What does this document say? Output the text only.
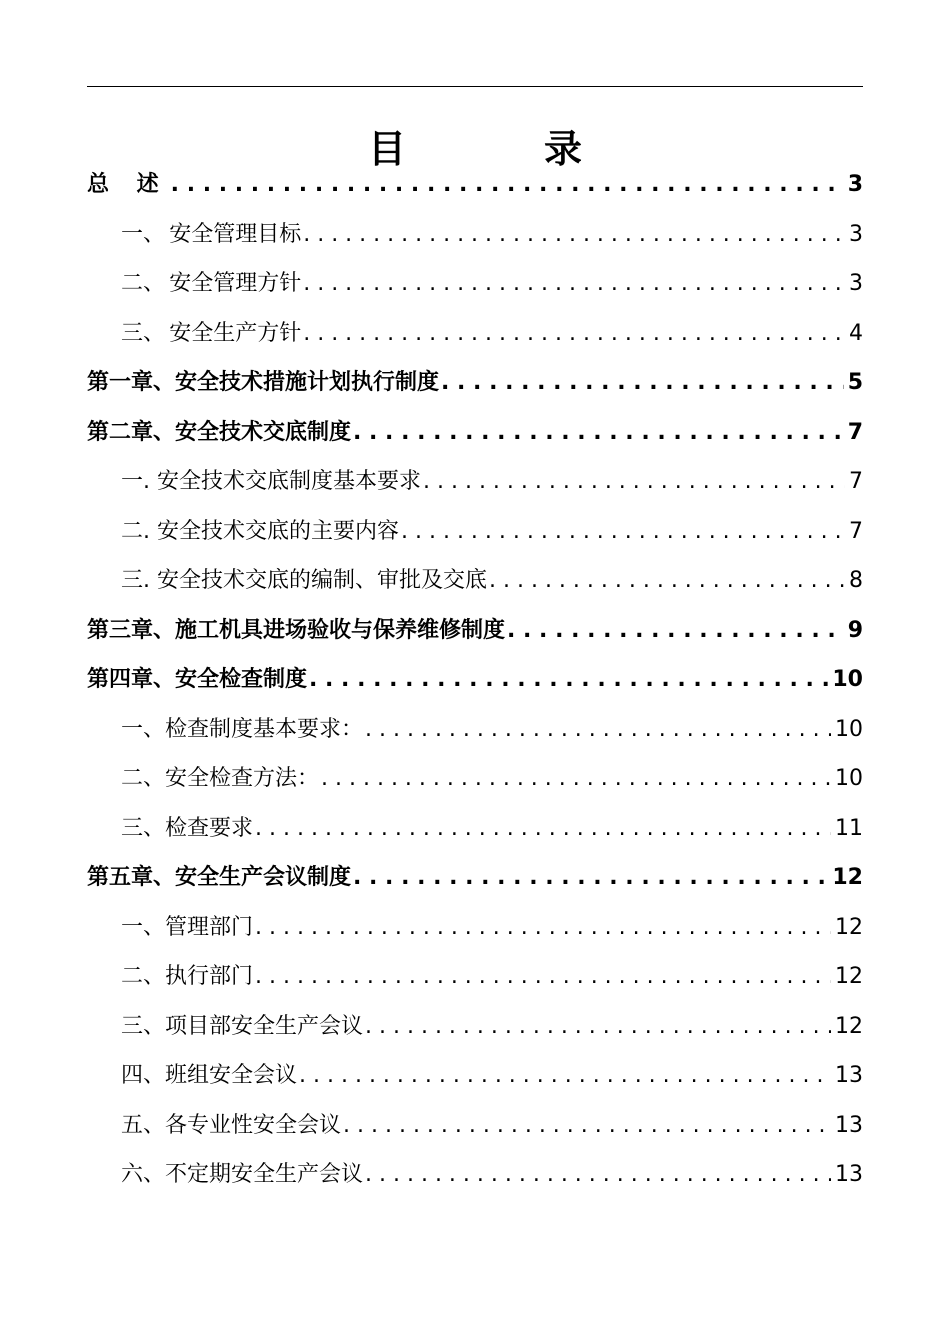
目　录
总 述 . . .	3
一、 安全管理目标 . . .	3
二、 安全管理方针 . . .	3
三、 安全生产方针 . . .	4
第一章、安全技术措施计划执行制度 . . .	5
第二章、安全技术交底制度 . . .	7
一. 安全技术交底制度基本要求 . . .	7
二. 安全技术交底的主要内容 . . .	7
三. 安全技术交底的编制、审批及交底 . . .	8
第三章、施工机具进场验收与保养维修制度 . . .	9
第四章、安全检查制度 . . .	10
一、检查制度基本要求： . . .	10
二、安全检查方法： . . .	10
三、检查要求 . . .	11
第五章、安全生产会议制度 . . .	12
一、管理部门 . . .	12
二、执行部门 . . .	12
三、项目部安全生产会议 . . .	12
四、班组安全会议 . . .	13
五、各专业性安全会议 . . .	13
六、不定期安全生产会议 . . .	13
